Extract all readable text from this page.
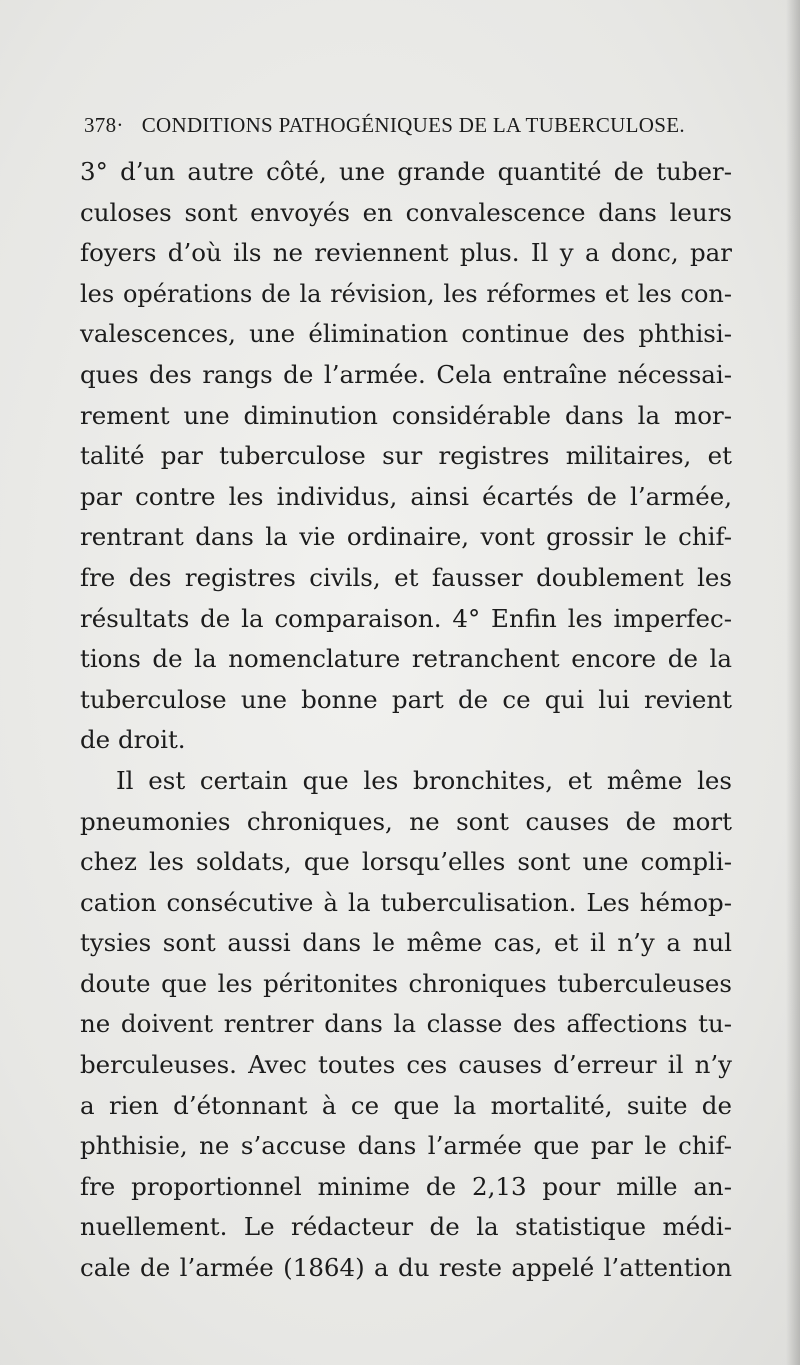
378· CONDITIONS PATHOGÉNIQUES DE LA TUBERCULOSE.
3° d’un autre côté, une grande quantité de tuber-
culoses sont envoyés en convalescence dans leurs
foyers d’où ils ne reviennent plus. Il y a donc, par
les opérations de la révision, les réformes et les con-
valescences, une élimination continue des phthisi-
ques des rangs de l’armée. Cela entraîne nécessai-
rement une diminution considérable dans la mor-
talité par tuberculose sur registres militaires, et
par contre les individus, ainsi écartés de l’armée,
rentrant dans la vie ordinaire, vont grossir le chif-
fre des registres civils, et fausser doublement les
résultats de la comparaison. 4° Enfin les imperfec-
tions de la nomenclature retranchent encore de la
tuberculose une bonne part de ce qui lui revient
de droit.
Il est certain que les bronchites, et même les
pneumonies chroniques, ne sont causes de mort
chez les soldats, que lorsqu’elles sont une compli-
cation consécutive à la tuberculisation. Les hémop-
tysies sont aussi dans le même cas, et il n’y a nul
doute que les péritonites chroniques tuberculeuses
ne doivent rentrer dans la classe des affections tu-
berculeuses. Avec toutes ces causes d’erreur il n’y
a rien d’étonnant à ce que la mortalité, suite de
phthisie, ne s’accuse dans l’armée que par le chif-
fre proportionnel minime de 2,13 pour mille an-
nuellement. Le rédacteur de la statistique médi-
cale de l’armée (1864) a du reste appelé l’attention
